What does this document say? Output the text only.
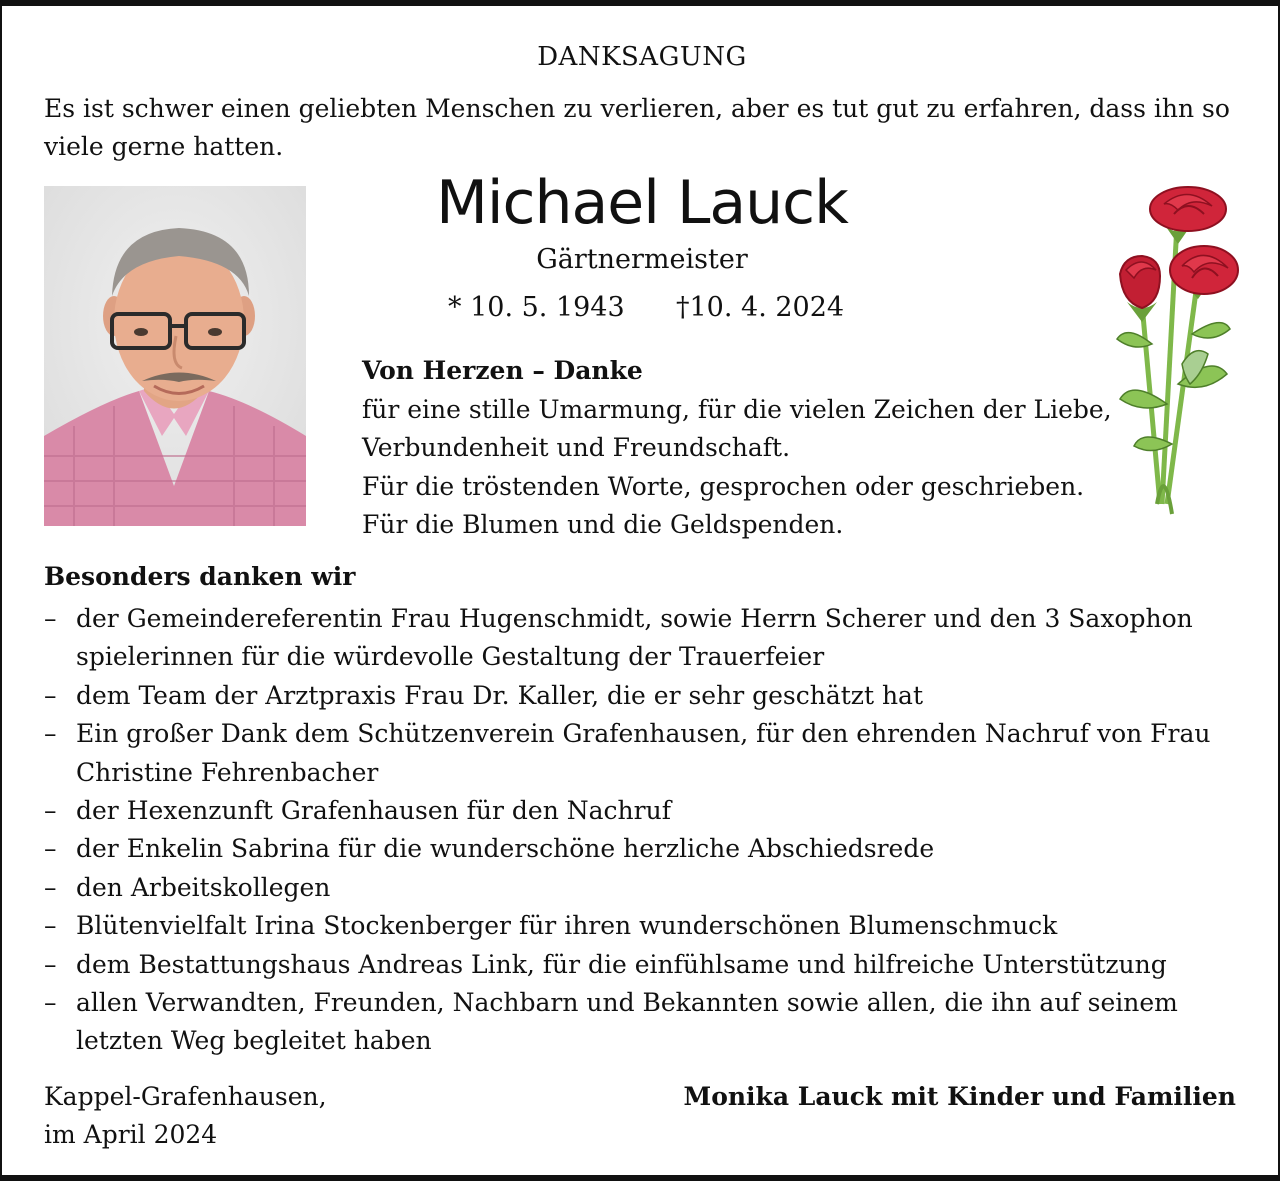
DANKSAGUNG
Es ist schwer einen geliebten Menschen zu verlieren, aber es tut gut zu erfahren, dass ihn so viele gerne hatten.
Michael Lauck
Gärtnermeister
* 10. 5. 1943 †10. 4. 2024
Von Herzen – Danke
für eine stille Umarmung, für die vielen Zeichen der Liebe,
Verbundenheit und Freundschaft.
Für die tröstenden Worte, gesprochen oder geschrieben.
Für die Blumen und die Geldspenden.
Besonders danken wir
– der Gemeindereferentin Frau Hugenschmidt, sowie Herrn Scherer und den 3 Saxophon spielerinnen für die würdevolle Gestaltung der Trauerfeier
– dem Team der Arztpraxis Frau Dr. Kaller, die er sehr geschätzt hat
– Ein großer Dank dem Schützenverein Grafenhausen, für den ehrenden Nachruf von Frau Christine Fehrenbacher
– der Hexenzunft Grafenhausen für den Nachruf
– der Enkelin Sabrina für die wunderschöne herzliche Abschiedsrede
– den Arbeitskollegen
– Blütenvielfalt Irina Stockenberger für ihren wunderschönen Blumenschmuck
– dem Bestattungshaus Andreas Link, für die einfühlsame und hilfreiche Unterstützung
– allen Verwandten, Freunden, Nachbarn und Bekannten sowie allen, die ihn auf seinem letzten Weg begleitet haben
Kappel-Grafenhausen,
im April 2024
Monika Lauck mit Kinder und Familien
